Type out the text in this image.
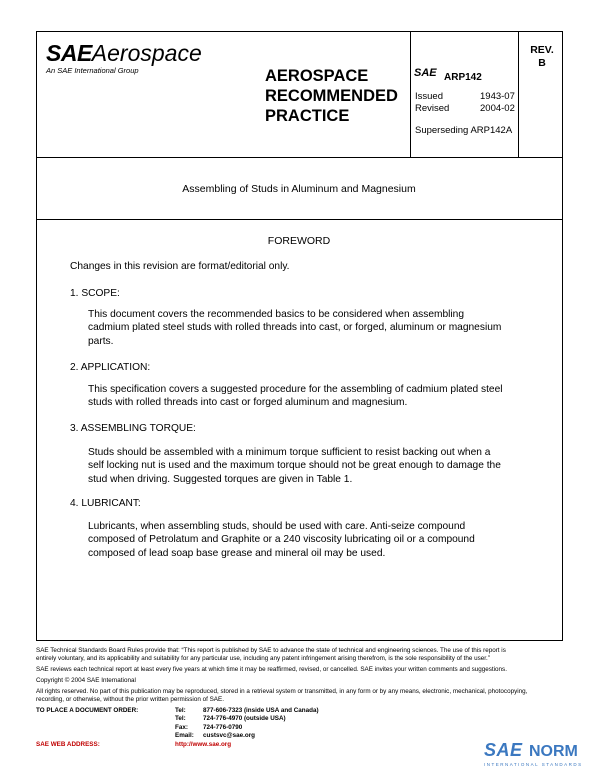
SAEAerospace
An SAE International Group	AEROSPACE
RECOMMENDED
PRACTICE
SAE ARP142
Issued	1943-07
Revised	2004-02
Superseding ARP142A
REV.
B
Assembling of Studs in Aluminum and Magnesium
FOREWORD
Changes in this revision are format/editorial only.
1. SCOPE:
This document covers the recommended basics to be considered when assembling
cadmium plated steel studs with rolled threads into cast, or forged, aluminum or magnesium
parts.
2. APPLICATION:
This specification covers a suggested procedure for the assembling of cadmium plated steel
studs with rolled threads into cast or forged aluminum and magnesium.
3. ASSEMBLING TORQUE:
Studs should be assembled with a minimum torque sufficient to resist backing out when a
self locking nut is used and the maximum torque should not be great enough to damage the
stud when driving. Suggested torques are given in Table 1.
4. LUBRICANT:
Lubricants, when assembling studs, should be used with care. Anti-seize compound
composed of Petrolatum and Graphite or a 240 viscosity lubricating oil or a compound
composed of lead soap base grease and mineral oil may be used.
SAE Technical Standards Board Rules provide that: “This report is published by SAE to advance the state of technical and engineering sciences. The use of this report is
entirely voluntary, and its applicability and suitability for any particular use, including any patent infringement arising therefrom, is the sole responsibility of the user.”
SAE reviews each technical report at least every five years at which time it may be reaffirmed, revised, or cancelled. SAE invites your written comments and suggestions.
Copyright © 2004 SAE International
All rights reserved. No part of this publication may be reproduced, stored in a retrieval system or transmitted, in any form or by any means, electronic, mechanical, photocopying,
recording, or otherwise, without the prior written permission of SAE.
TO PLACE A DOCUMENT ORDER:	Tel:	877-606-7323 (inside USA and Canada)
Tel:	724-776-4970 (outside USA)
Fax: 724-776-0790
Email: custsvc@sae.org
SAE WEB ADDRESS:	http://www.sae.org	SAE NORM
INTERNATIONAL STANDARDS
